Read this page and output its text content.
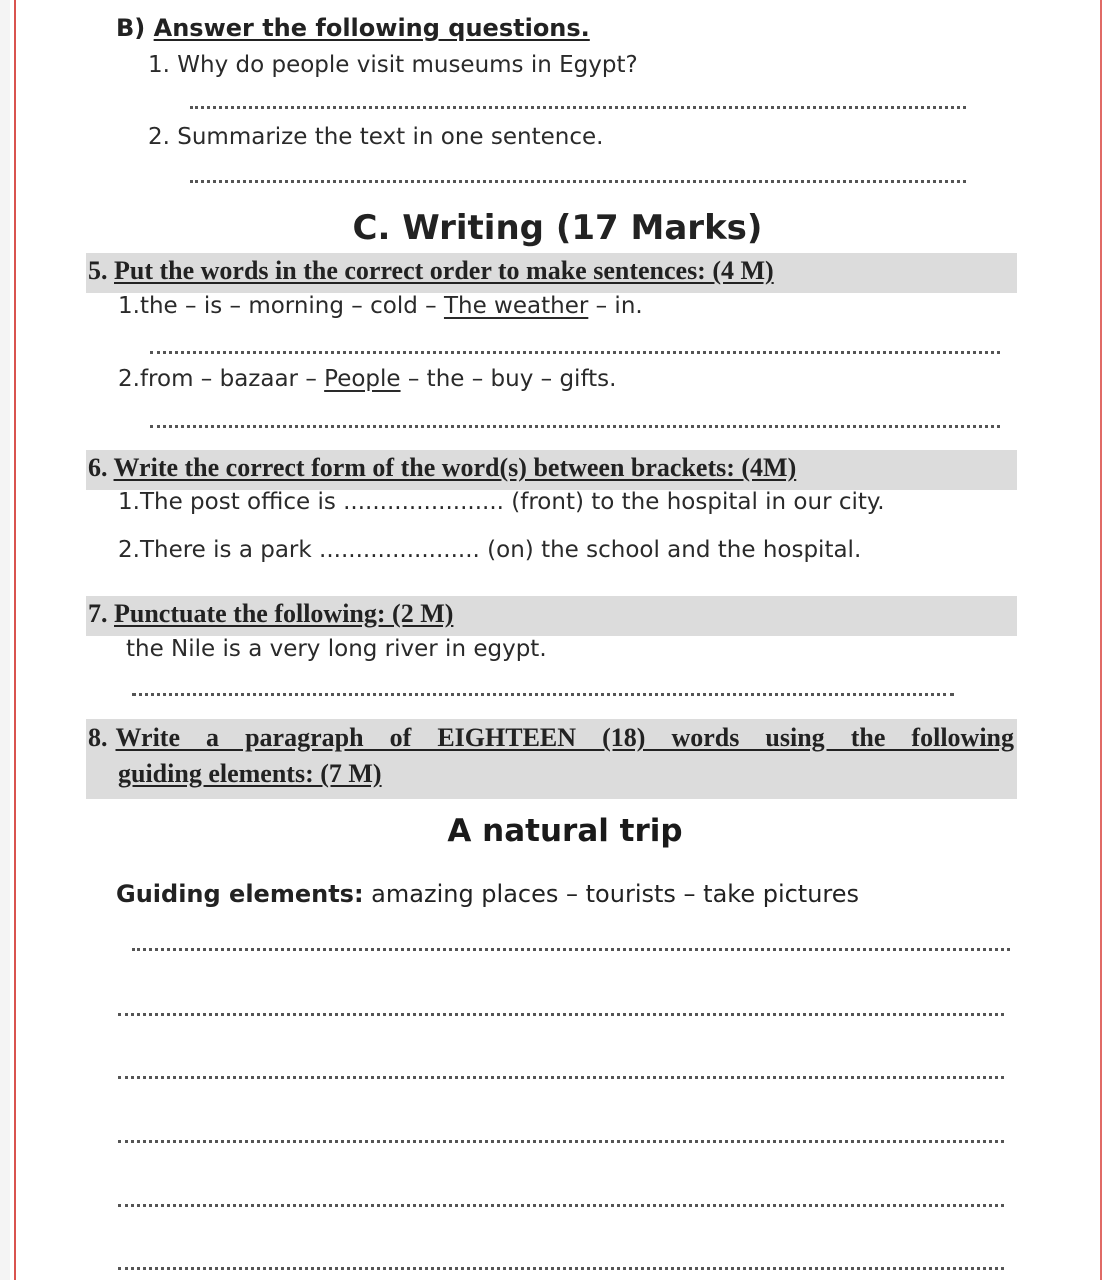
B) Answer the following questions.
1. Why do people visit museums in Egypt?
2. Summarize the text in one sentence.
C. Writing (17 Marks)
5. Put the words in the correct order to make sentences: (4 M)
1.the – is – morning – cold – The weather – in.
2.from – bazaar – People – the – buy – gifts.
6. Write the correct form of the word(s) between brackets: (4M)
1.The post office is ...................... (front) to the hospital in our city.
2.There is a park ...................... (on) the school and the hospital.
7. Punctuate the following: (2 M)
the Nile is a very long river in egypt.
8. Write a paragraph of EIGHTEEN (18) words using the following
guiding elements: (7 M)
A natural trip
Guiding elements: amazing places – tourists – take pictures
